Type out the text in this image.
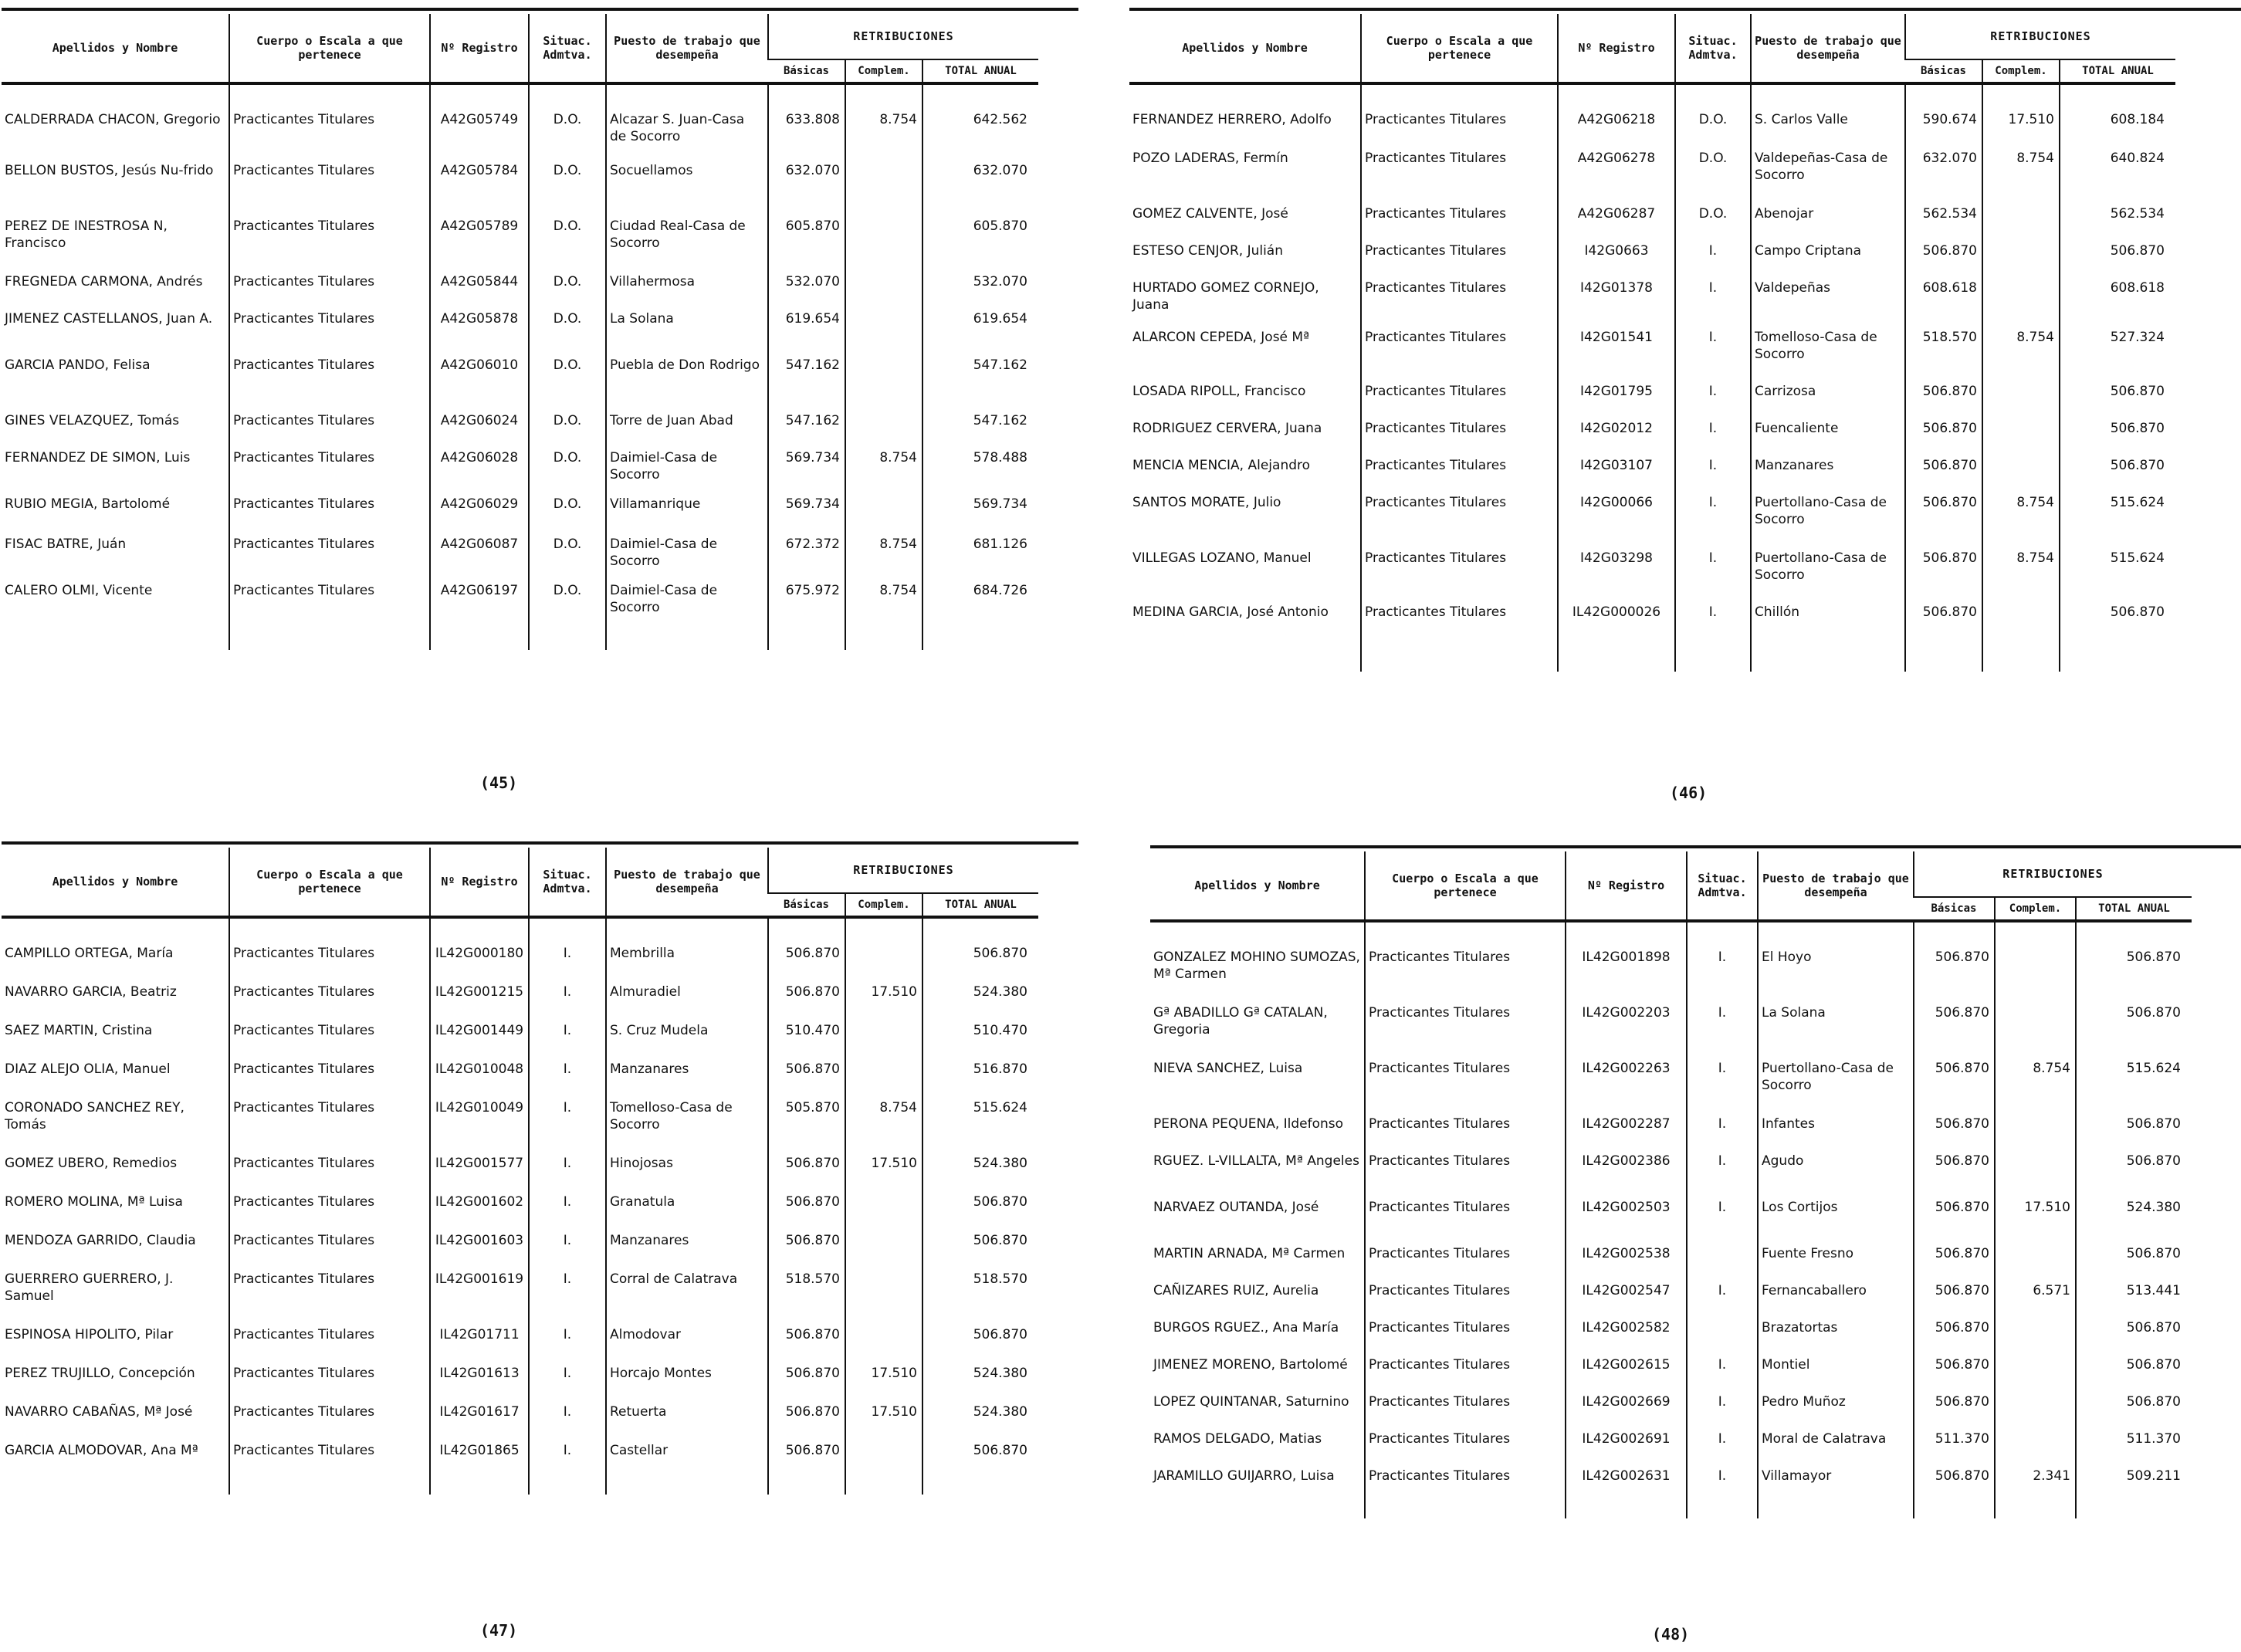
Apellidos y Nombre	Cuerpo o Escala a que pertenece	Nº Registro	Situac. Admtva.	Puesto de trabajo que desempeña	RETRIBUCIONES		
					Básicas	Complem.	TOTAL ANUAL
CALDERRADA CHACON, Gregorio	Practicantes Titulares	A42G05749	D.O.	Alcazar S. Juan-Casa de Socorro	633.808	8.754	642.562
BELLON BUSTOS, Jesús Nu-frido	Practicantes Titulares	A42G05784	D.O.	Socuellamos	632.070		632.070
PEREZ DE INESTROSA N, Francisco	Practicantes Titulares	A42G05789	D.O.	Ciudad Real-Casa de Socorro	605.870		605.870
FREGNEDA CARMONA, Andrés	Practicantes Titulares	A42G05844	D.O.	Villahermosa	532.070		532.070
JIMENEZ CASTELLANOS, Juan A.	Practicantes Titulares	A42G05878	D.O.	La Solana	619.654		619.654
GARCIA PANDO, Felisa	Practicantes Titulares	A42G06010	D.O.	Puebla de Don Rodrigo	547.162		547.162
GINES VELAZQUEZ, Tomás	Practicantes Titulares	A42G06024	D.O.	Torre de Juan Abad	547.162		547.162
FERNANDEZ DE SIMON, Luis	Practicantes Titulares	A42G06028	D.O.	Daimiel-Casa de Socorro	569.734	8.754	578.488
RUBIO MEGIA, Bartolomé	Practicantes Titulares	A42G06029	D.O.	Villamanrique	569.734		569.734
FISAC BATRE, Juán	Practicantes Titulares	A42G06087	D.O.	Daimiel-Casa de Socorro	672.372	8.754	681.126
CALERO OLMI, Vicente	Practicantes Titulares	A42G06197	D.O.	Daimiel-Casa de Socorro	675.972	8.754	684.726
(45)
Apellidos y Nombre	Cuerpo o Escala a que pertenece	Nº Registro	Situac. Admtva.	Puesto de trabajo que desempeña	RETRIBUCIONES		
					Básicas	Complem.	TOTAL ANUAL
FERNANDEZ HERRERO, Adolfo	Practicantes Titulares	A42G06218	D.O.	S. Carlos Valle	590.674	17.510	608.184
POZO LADERAS, Fermín	Practicantes Titulares	A42G06278	D.O.	Valdepeñas-Casa de Socorro	632.070	8.754	640.824
GOMEZ CALVENTE, José	Practicantes Titulares	A42G06287	D.O.	Abenojar	562.534		562.534
ESTESO CENJOR, Julián	Practicantes Titulares	I42G0663	I.	Campo Criptana	506.870		506.870
HURTADO GOMEZ CORNEJO, Juana	Practicantes Titulares	I42G01378	I.	Valdepeñas	608.618		608.618
ALARCON CEPEDA, José Mª	Practicantes Titulares	I42G01541	I.	Tomelloso-Casa de Socorro	518.570	8.754	527.324
LOSADA RIPOLL, Francisco	Practicantes Titulares	I42G01795	I.	Carrizosa	506.870		506.870
RODRIGUEZ CERVERA, Juana	Practicantes Titulares	I42G02012	I.	Fuencaliente	506.870		506.870
MENCIA MENCIA, Alejandro	Practicantes Titulares	I42G03107	I.	Manzanares	506.870		506.870
SANTOS MORATE, Julio	Practicantes Titulares	I42G00066	I.	Puertollano-Casa de Socorro	506.870	8.754	515.624
VILLEGAS LOZANO, Manuel	Practicantes Titulares	I42G03298	I.	Puertollano-Casa de Socorro	506.870	8.754	515.624
MEDINA GARCIA, José Antonio	Practicantes Titulares	IL42G000026	I.	Chillón	506.870		506.870
(46)
Apellidos y Nombre	Cuerpo o Escala a que pertenece	Nº Registro	Situac. Admtva.	Puesto de trabajo que desempeña	RETRIBUCIONES		
					Básicas	Complem.	TOTAL ANUAL
CAMPILLO ORTEGA, María	Practicantes Titulares	IL42G000180	I.	Membrilla	506.870		506.870
NAVARRO GARCIA, Beatriz	Practicantes Titulares	IL42G001215	I.	Almuradiel	506.870	17.510	524.380
SAEZ MARTIN, Cristina	Practicantes Titulares	IL42G001449	I.	S. Cruz Mudela	510.470		510.470
DIAZ ALEJO OLIA, Manuel	Practicantes Titulares	IL42G010048	I.	Manzanares	506.870		516.870
CORONADO SANCHEZ REY, Tomás	Practicantes Titulares	IL42G010049	I.	Tomelloso-Casa de Socorro	505.870	8.754	515.624
GOMEZ UBERO, Remedios	Practicantes Titulares	IL42G001577	I.	Hinojosas	506.870	17.510	524.380
ROMERO MOLINA, Mª Luisa	Practicantes Titulares	IL42G001602	I.	Granatula	506.870		506.870
MENDOZA GARRIDO, Claudia	Practicantes Titulares	IL42G001603	I.	Manzanares	506.870		506.870
GUERRERO GUERRERO, J. Samuel	Practicantes Titulares	IL42G001619	I.	Corral de Calatrava	518.570		518.570
ESPINOSA HIPOLITO, Pilar	Practicantes Titulares	IL42G01711	I.	Almodovar	506.870		506.870
PEREZ TRUJILLO, Concepción	Practicantes Titulares	IL42G01613	I.	Horcajo Montes	506.870	17.510	524.380
NAVARRO CABAÑAS, Mª José	Practicantes Titulares	IL42G01617	I.	Retuerta	506.870	17.510	524.380
GARCIA ALMODOVAR, Ana Mª	Practicantes Titulares	IL42G01865	I.	Castellar	506.870		506.870
(47)
Apellidos y Nombre	Cuerpo o Escala a que pertenece	Nº Registro	Situac. Admtva.	Puesto de trabajo que desempeña	RETRIBUCIONES		
					Básicas	Complem.	TOTAL ANUAL
GONZALEZ MOHINO SUMOZAS, Mª Carmen	Practicantes Titulares	IL42G001898	I.	El Hoyo	506.870		506.870
Gª ABADILLO Gª CATALAN, Gregoria	Practicantes Titulares	IL42G002203	I.	La Solana	506.870		506.870
NIEVA SANCHEZ, Luisa	Practicantes Titulares	IL42G002263	I.	Puertollano-Casa de Socorro	506.870	8.754	515.624
PERONA PEQUENA, Ildefonso	Practicantes Titulares	IL42G002287	I.	Infantes	506.870		506.870
RGUEZ. L-VILLALTA, Mª Angeles	Practicantes Titulares	IL42G002386	I.	Agudo	506.870		506.870
NARVAEZ OUTANDA, José	Practicantes Titulares	IL42G002503	I.	Los Cortijos	506.870	17.510	524.380
MARTIN ARNADA, Mª Carmen	Practicantes Titulares	IL42G002538		Fuente Fresno	506.870		506.870
CAÑIZARES RUIZ, Aurelia	Practicantes Titulares	IL42G002547	I.	Fernancaballero	506.870	6.571	513.441
BURGOS RGUEZ., Ana María	Practicantes Titulares	IL42G002582		Brazatortas	506.870		506.870
JIMENEZ MORENO, Bartolomé	Practicantes Titulares	IL42G002615	I.	Montiel	506.870		506.870
LOPEZ QUINTANAR, Saturnino	Practicantes Titulares	IL42G002669	I.	Pedro Muñoz	506.870		506.870
RAMOS DELGADO, Matias	Practicantes Titulares	IL42G002691	I.	Moral de Calatrava	511.370		511.370
JARAMILLO GUIJARRO, Luisa	Practicantes Titulares	IL42G002631	I.	Villamayor	506.870	2.341	509.211
(48)
